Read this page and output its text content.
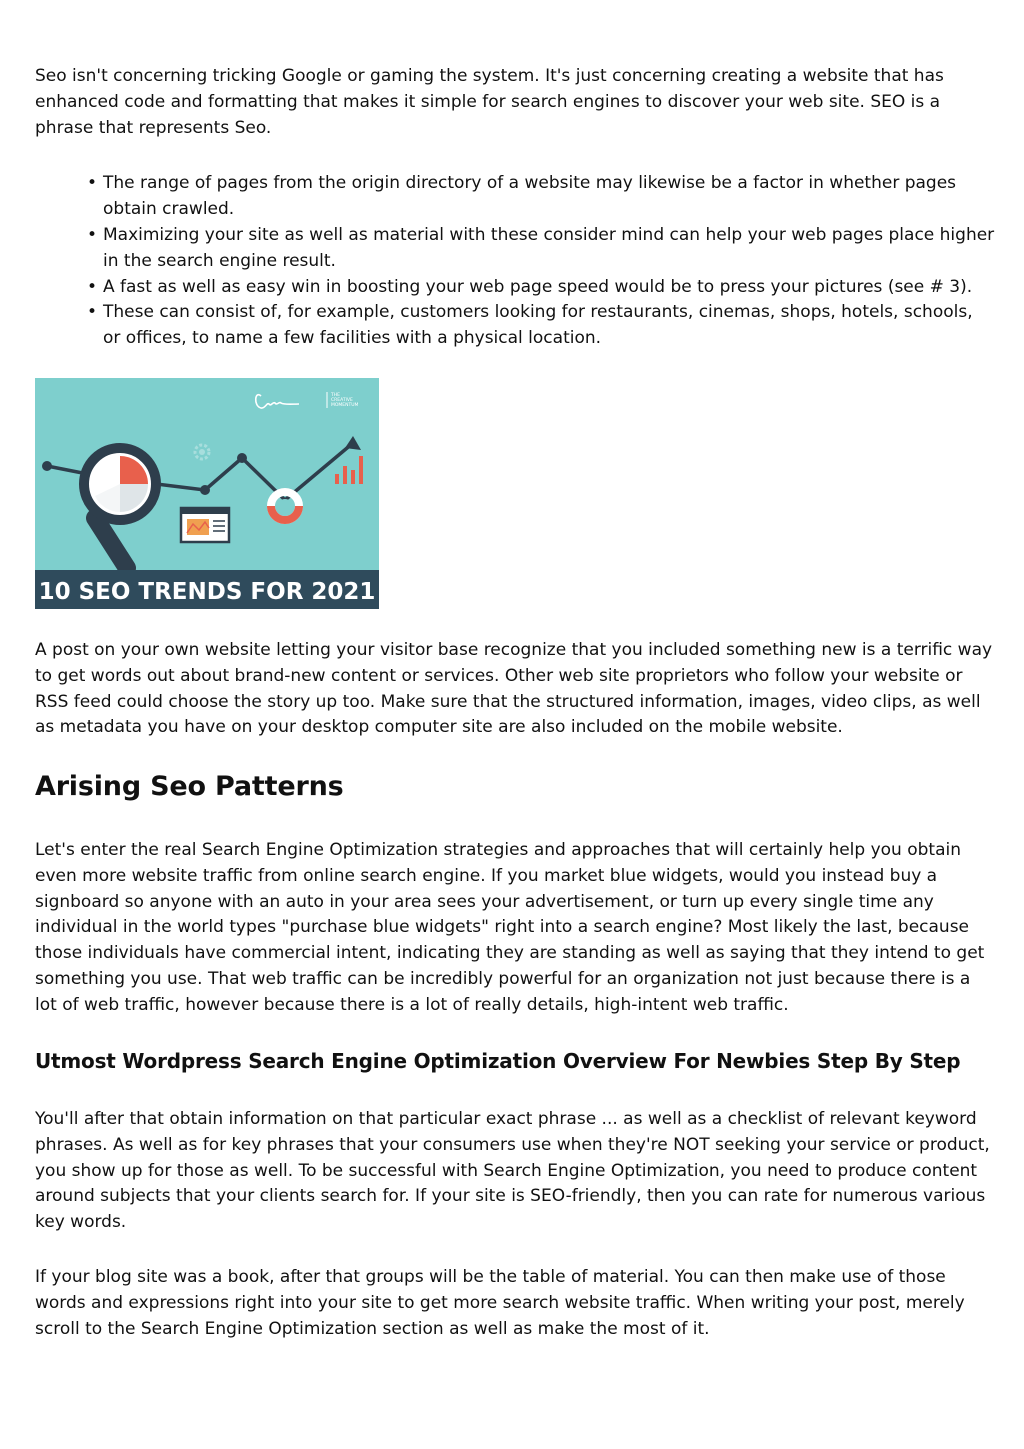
Seo isn't concerning tricking Google or gaming the system. It's just concerning creating a website that has enhanced code and formatting that makes it simple for search engines to discover your web site. SEO is a phrase that represents Seo.

• The range of pages from the origin directory of a website may likewise be a factor in whether pages obtain crawled.
• Maximizing your site as well as material with these consider mind can help your web pages place higher in the search engine result.
• A fast as well as easy win in boosting your web page speed would be to press your pictures (see # 3).
• These can consist of, for example, customers looking for restaurants, cinemas, shops, hotels, schools, or offices, to name a few facilities with a physical location.
THE
CREATIVE
MOMENTUM
10 SEO TRENDS FOR 2021

A post on your own website letting your visitor base recognize that you included something new is a terrific way to get words out about brand-new content or services. Other web site proprietors who follow your website or RSS feed could choose the story up too. Make sure that the structured information, images, video clips, as well as metadata you have on your desktop computer site are also included on the mobile website.

Arising Seo Patterns

Let's enter the real Search Engine Optimization strategies and approaches that will certainly help you obtain even more website traffic from online search engine. If you market blue widgets, would you instead buy a signboard so anyone with an auto in your area sees your advertisement, or turn up every single time any individual in the world types "purchase blue widgets" right into a search engine? Most likely the last, because those individuals have commercial intent, indicating they are standing as well as saying that they intend to get something you use. That web traffic can be incredibly powerful for an organization not just because there is a lot of web traffic, however because there is a lot of really details, high-intent web traffic.

Utmost Wordpress Search Engine Optimization Overview For Newbies Step By Step

You'll after that obtain information on that particular exact phrase ... as well as a checklist of relevant keyword phrases. As well as for key phrases that your consumers use when they're NOT seeking your service or product, you show up for those as well. To be successful with Search Engine Optimization, you need to produce content around subjects that your clients search for. If your site is SEO-friendly, then you can rate for numerous various key words.

If your blog site was a book, after that groups will be the table of material. You can then make use of those words and expressions right into your site to get more search website traffic. When writing your post, merely scroll to the Search Engine Optimization section as well as make the most of it.
